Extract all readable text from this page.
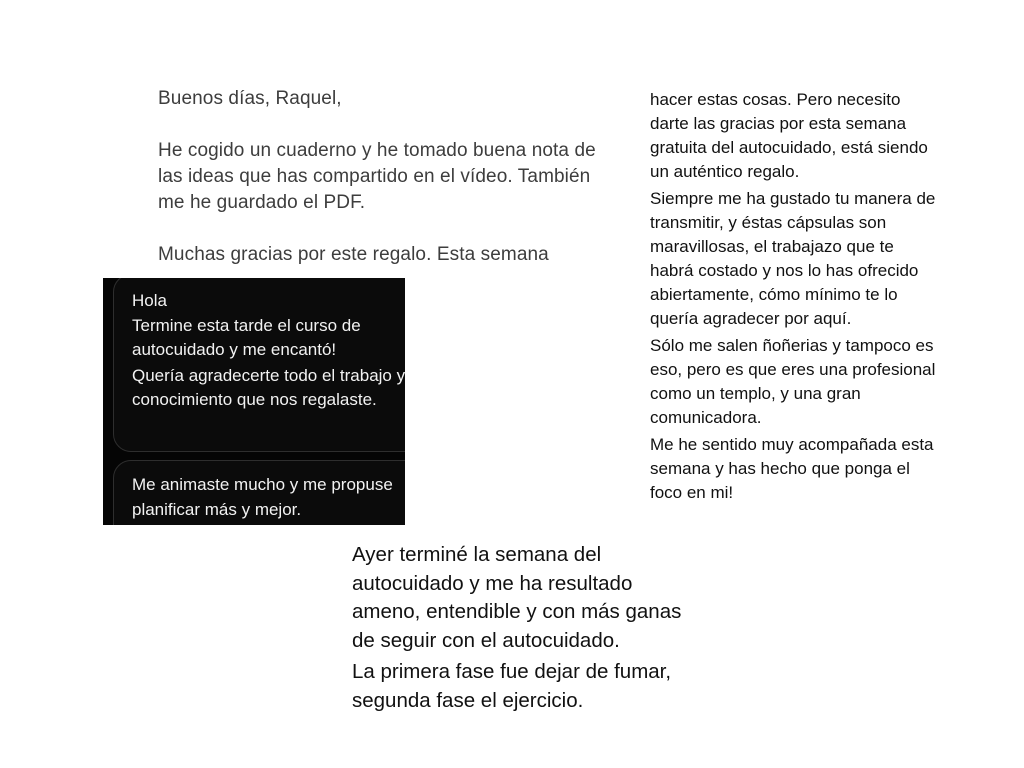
Buenos días, Raquel,

He cogido un cuaderno y he tomado buena nota de las ideas que has compartido en el vídeo. También me he guardado el PDF.

Muchas gracias por este regalo. Esta semana

hacer estas cosas. Pero necesito darte las gracias por esta semana gratuita del autocuidado, está siendo un auténtico regalo.

Siempre me ha gustado tu manera de transmitir, y éstas cápsulas son maravillosas, el trabajazo que te habrá costado y nos lo has ofrecido abiertamente, cómo mínimo te lo quería agradecer por aquí.

Sólo me salen ñoñerias y tampoco es eso, pero es que eres una profesional como un templo, y una gran comunicadora.

Me he sentido muy acompañada esta semana y has hecho que ponga el foco en mi!

Hola

Termine esta tarde el curso de autocuidado y me encantó!

Quería agradecerte todo el trabajo y conocimiento que nos regalaste.

Me animaste mucho y me propuse planificar más y mejor.

Ayer terminé la semana del autocuidado y me ha resultado ameno, entendible y con más ganas de seguir con el autocuidado.

La primera fase fue dejar de fumar, segunda fase el ejercicio.
